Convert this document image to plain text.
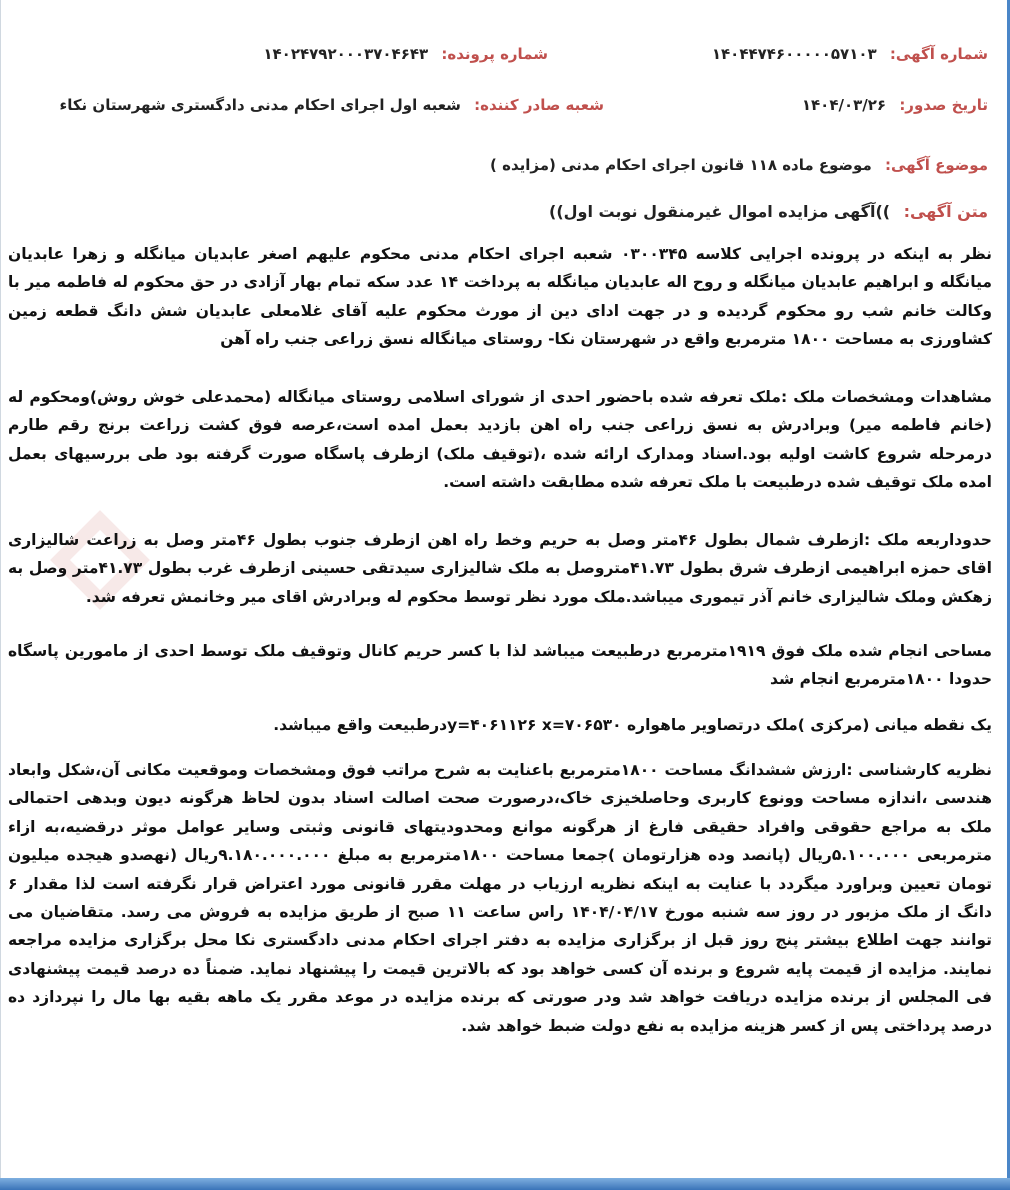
شماره آگهی: ۱۴۰۴۴۷۴۶۰۰۰۰۰۵۷۱۰۳
شماره پرونده: ۱۴۰۲۴۷۹۲۰۰۰۳۷۰۴۶۴۳
تاریخ صدور: ۱۴۰۴/۰۳/۲۶
شعبه صادر کننده: شعبه اول اجرای احکام مدنی دادگستری شهرستان نکاء
موضوع آگهی: موضوع ماده ۱۱۸ قانون اجرای احکام مدنی (مزایده )
متن آگهی: ))آگهی مزایده اموال غیرمنقول نوبت اول))
نظر به اینکه در پرونده اجرایی کلاسه ۰۳۰۰۳۴۵ شعبه اجرای احکام مدنی محکوم علیهم اصغر عابدیان میانگله و زهرا عابدیان میانگله و ابراهیم عابدیان میانگله و روح اله عابدیان میانگله به پرداخت ۱۴ عدد سکه تمام بهار آزادی در حق محکوم له فاطمه میر با وکالت خانم شب رو محکوم گردیده و در جهت ادای دین از مورث محکوم علیه آقای غلامعلی عابدیان شش دانگ قطعه زمین کشاورزی به مساحت ۱۸۰۰ مترمربع واقع در شهرستان نکا- روستای میانگاله نسق زراعی جنب راه آهن
مشاهدات ومشخصات ملک :ملک تعرفه شده باحضور احدی از شورای اسلامی روستای میانگاله (محمدعلی خوش روش)ومحکوم له (خانم فاطمه میر) وبرادرش به نسق زراعی جنب راه اهن بازدید بعمل امده است،عرصه فوق کشت زراعت برنج رقم طارم درمرحله شروع کاشت اولیه بود.اسناد ومدارک ارائه شده ،(توقیف ملک) ازطرف پاسگاه صورت گرفته بود طی بررسیهای بعمل امده ملک توقیف شده درطبیعت با ملک تعرفه شده مطابقت داشته است.
حدوداربعه ملک :ازطرف شمال بطول ۴۶متر وصل به حریم وخط راه اهن ازطرف جنوب بطول ۴۶متر وصل به زراعت شالیزاری اقای حمزه ابراهیمی ازطرف شرق بطول ۴۱.۷۳متروصل به ملک شالیزاری سیدتقی حسینی ازطرف غرب بطول ۴۱.۷۳متر وصل به زهکش وملک شالیزاری خانم آذر تیموری میباشد.ملک مورد نظر توسط محکوم له وبرادرش اقای میر وخانمش تعرفه شد.
مساحی انجام شده ملک فوق ۱۹۱۹مترمربع درطبیعت میباشد لذا با کسر حریم کانال وتوقیف ملک توسط احدی از مامورین پاسگاه حدودا ۱۸۰۰مترمربع انجام شد
یک نقطه میانی (مرکزی )ملک درتصاویر ماهواره y=۴۰۶۱۱۲۶ x=۷۰۶۵۳۰درطبیعت واقع میباشد.
نظریه کارشناسی :ارزش ششدانگ مساحت ۱۸۰۰مترمربع باعنایت به شرح مراتب فوق ومشخصات وموقعیت مکانی آن،شکل وابعاد هندسی ،اندازه مساحت وونوع کاربری وحاصلخیزی خاک،درصورت صحت اصالت اسناد بدون لحاظ هرگونه دیون وبدهی احتمالی ملک به مراجع حقوقی وافراد حقیقی فارغ از هرگونه موانع ومحدودیتهای قانونی وثبتی وسایر عوامل موثر درقضیه،به ازاء مترمربعی ۵.۱۰۰.۰۰۰ریال (پانصد وده هزارتومان )جمعا مساحت ۱۸۰۰مترمربع به مبلغ ۹.۱۸۰.۰۰۰.۰۰۰ریال (نهصدو هیجده میلیون تومان تعیین وبراورد میگردد با عنایت به اینکه نظریه ارزیاب در مهلت مقرر قانونی مورد اعتراض قرار نگرفته است لذا مقدار ۶ دانگ از ملک مزبور در روز سه شنبه مورخ ۱۴۰۴/۰۴/۱۷ راس ساعت ۱۱ صبح از طریق مزایده به فروش می رسد. متقاضیان می توانند جهت اطلاع بیشتر پنج روز قبل از برگزاری مزایده به دفتر اجرای احکام مدنی دادگستری نکا محل برگزاری مزایده مراجعه نمایند. مزایده از قیمت پایه شروع و برنده آن کسی خواهد بود که بالاترین قیمت را پیشنهاد نماید. ضمناً ده درصد قیمت پیشنهادی فی المجلس از برنده مزایده دریافت خواهد شد ودر صورتی که برنده مزایده در موعد مقرر یک ماهه بقیه بها مال را نپردازد ده درصد پرداختی پس از کسر هزینه مزایده به نفع دولت ضبط خواهد شد.
